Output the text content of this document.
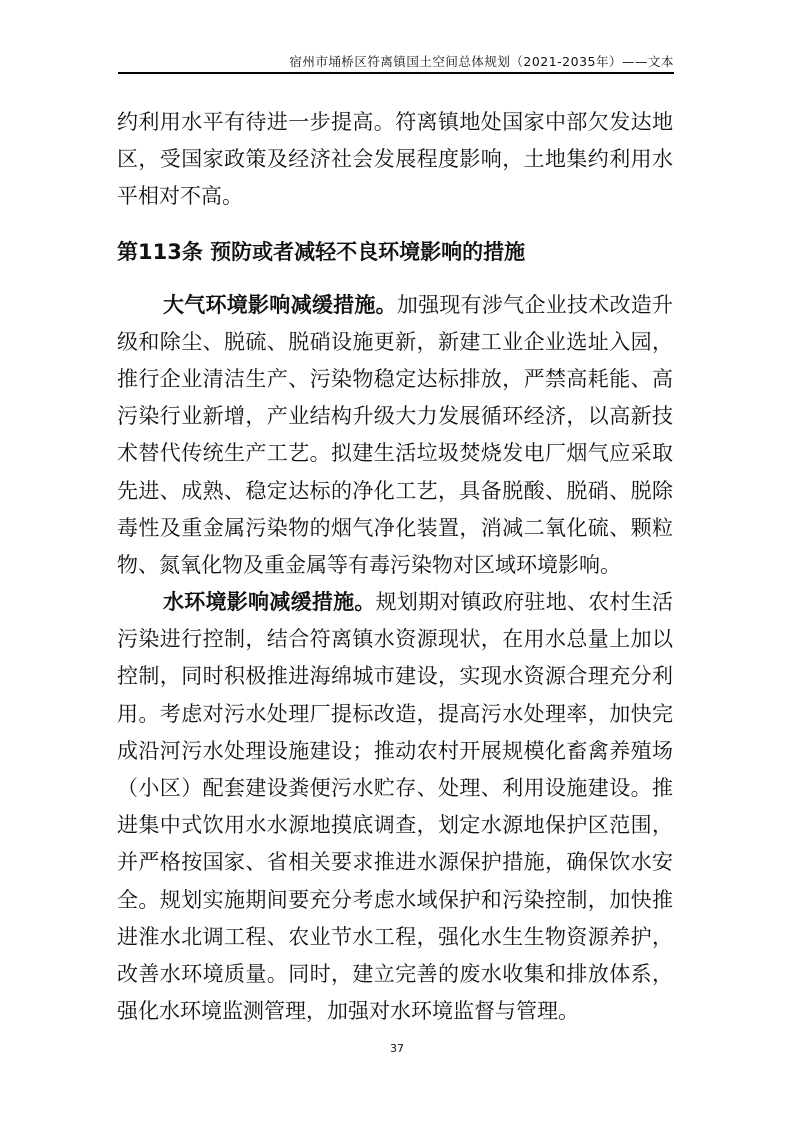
宿州市埇桥区符离镇国土空间总体规划（2021-2035年）——文本
约利用水平有待进一步提高。符离镇地处国家中部欠发达地
区，受国家政策及经济社会发展程度影响，土地集约利用水
平相对不高。
第113条 预防或者减轻不良环境影响的措施
大气环境影响减缓措施。加强现有涉气企业技术改造升
级和除尘、脱硫、脱硝设施更新，新建工业企业选址入园，
推行企业清洁生产、污染物稳定达标排放，严禁高耗能、高
污染行业新增，产业结构升级大力发展循环经济，以高新技
术替代传统生产工艺。拟建生活垃圾焚烧发电厂烟气应采取
先进、成熟、稳定达标的净化工艺，具备脱酸、脱硝、脱除
毒性及重金属污染物的烟气净化装置，消减二氧化硫、颗粒
物、氮氧化物及重金属等有毒污染物对区域环境影响。
水环境影响减缓措施。规划期对镇政府驻地、农村生活
污染进行控制，结合符离镇水资源现状，在用水总量上加以
控制，同时积极推进海绵城市建设，实现水资源合理充分利
用。考虑对污水处理厂提标改造，提高污水处理率，加快完
成沿河污水处理设施建设；推动农村开展规模化畜禽养殖场
（小区）配套建设粪便污水贮存、处理、利用设施建设。推
进集中式饮用水水源地摸底调查，划定水源地保护区范围，
并严格按国家、省相关要求推进水源保护措施，确保饮水安
全。规划实施期间要充分考虑水域保护和污染控制，加快推
进淮水北调工程、农业节水工程，强化水生生物资源养护，
改善水环境质量。同时，建立完善的废水收集和排放体系，
强化水环境监测管理，加强对水环境监督与管理。
37
